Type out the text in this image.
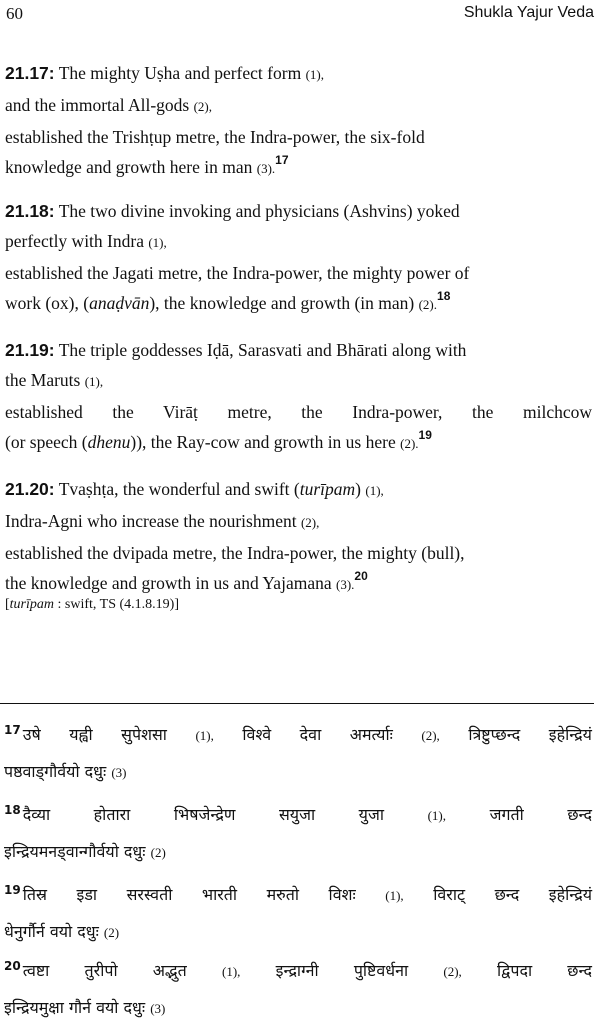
60	Shukla Yajur Veda
21.17: The mighty Uṣha and perfect form (1),
and the immortal All-gods (2),
established the Trishṭup metre, the Indra-power, the six-fold
knowledge and growth here in man (3).$^{17}$
21.18: The two divine invoking and physicians (Ashvins) yoked
perfectly with Indra (1),
established the Jagati metre, the Indra-power, the mighty power of
work (ox), (anaḍvān), the knowledge and growth (in man) (2).$^{18}$
21.19: The triple goddesses Iḍā, Sarasvati and Bhārati along with
the Maruts (1),
established the Virāṭ metre, the Indra-power, the milchcow
(or speech (dhenu)), the Ray-cow and growth in us here (2).$^{19}$
21.20: Tvaṣhṭa, the wonderful and swift (turīpam) (1),
Indra-Agni who increase the nourishment (2),
established the dvipada metre, the Indra-power, the mighty (bull),
the knowledge and growth in us and Yajamana (3).$^{20}$
[turīpam : swift, TS (4.1.8.19)]
$^{17}$ उषे यह्वी सुपेशसा (1), विश्वे देवा अमर्त्याः (2), त्रिष्टुप्छन्द इहेन्द्रियं
पष्ठवाड्गौर्वयो दधुः (3)
$^{18}$ दैव्या होतारा भिषजेन्द्रेण सयुजा युजा	(1),	जगती छन्द
इन्द्रियमनड्वान्गौर्वयो दधुः (2)
$^{19}$ तिस्र इडा सरस्वती भारती मरुतो विशः (1), विराट् छन्द इहेन्द्रियं
धेनुर्गौर्न वयो दधुः (2)
$^{20}$ त्वष्टा तुरीपो अद्भुत	(1), इन्द्राग्नी पुष्टिवर्धना	(2), द्विपदा छन्द
इन्द्रियमुक्षा गौर्न वयो दधुः (3)
